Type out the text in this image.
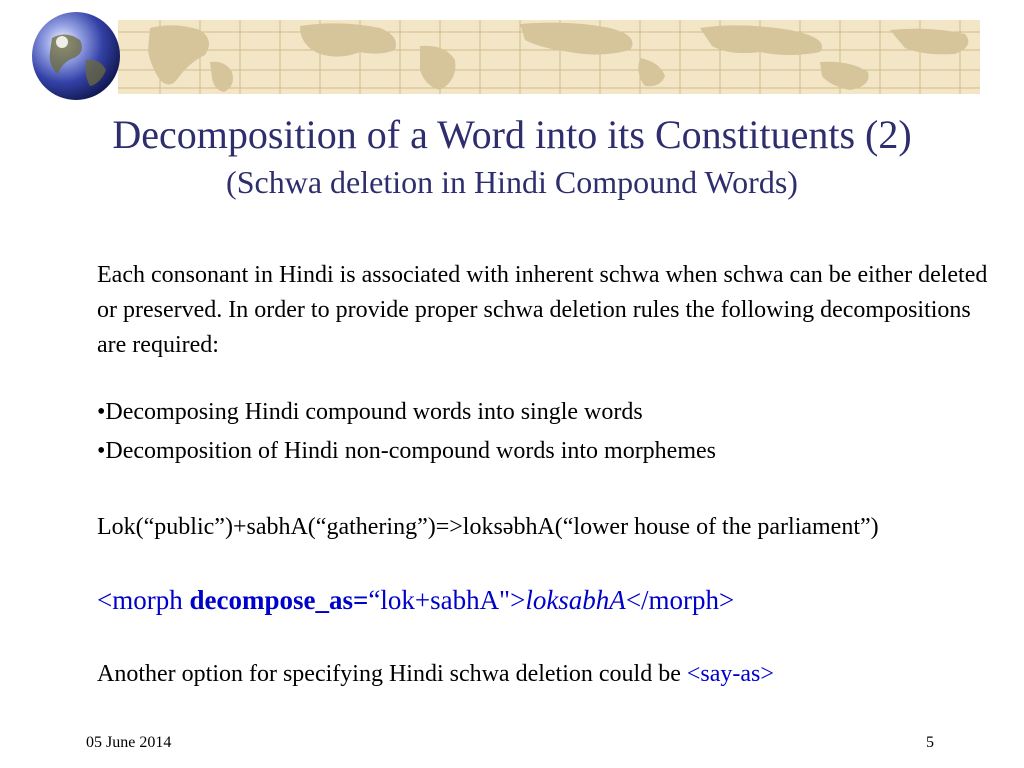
Decomposition of a Word into its Constituents (2)
(Schwa deletion in Hindi Compound Words)
Each consonant in Hindi is associated with inherent schwa when schwa can be either deleted or preserved. In order to provide proper schwa deletion rules the following decompositions are required:
•Decomposing Hindi compound words into single words
•Decomposition of Hindi non-compound words into morphemes
Lok(“public”)+sabhA(“gathering”)=>loksəbhA(“lower house of the parliament”)
<morph decompose_as=“lok+sabhA">loksabhA</morph>
Another option for specifying Hindi schwa deletion could be <say-as>
05 June 2014	5
